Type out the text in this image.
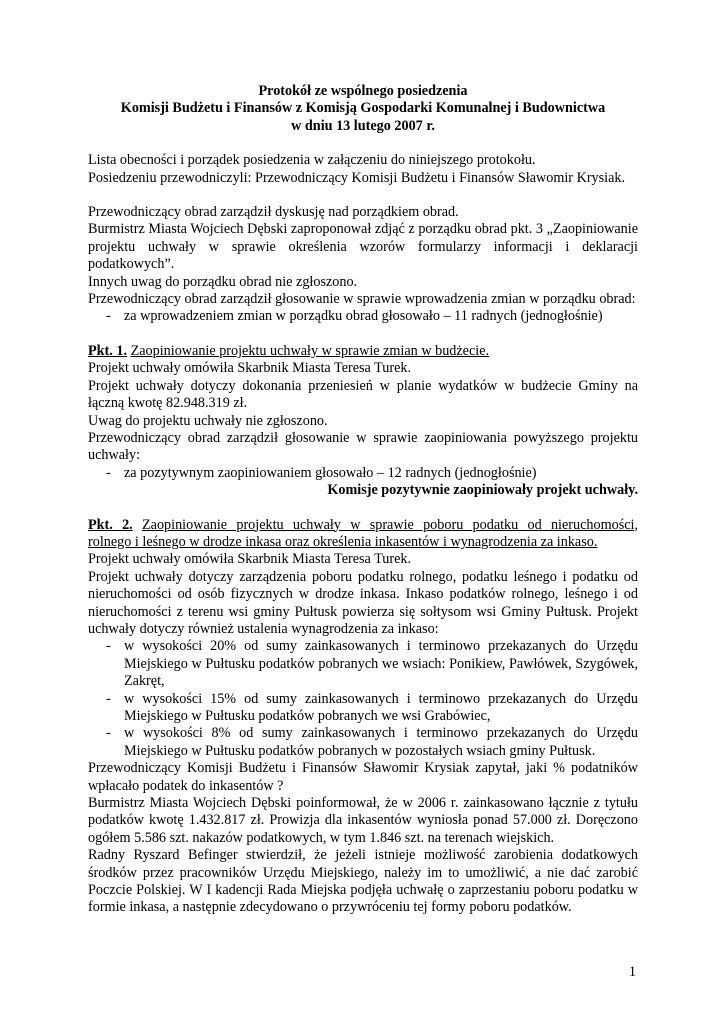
Protokół ze wspólnego posiedzenia
Komisji Budżetu i Finansów z Komisją Gospodarki Komunalnej i Budownictwa
w dniu 13 lutego 2007 r.

Lista obecności i porządek posiedzenia w załączeniu do niniejszego protokołu.

Posiedzeniu przewodniczyli: Przewodniczący Komisji Budżetu i Finansów Sławomir Krysiak.

Przewodniczący obrad zarządził dyskusję nad porządkiem obrad.

Burmistrz Miasta Wojciech Dębski zaproponował zdjąć z porządku obrad pkt. 3 „Zaopiniowanie projektu uchwały w sprawie określenia wzorów formularzy informacji i deklaracji podatkowych”.

Innych uwag do porządku obrad nie zgłoszono.

Przewodniczący obrad zarządził głosowanie w sprawie wprowadzenia zmian w porządku obrad:

- za wprowadzeniem zmian w porządku obrad głosowało – 11 radnych (jednogłośnie)

Pkt. 1. Zaopiniowanie projektu uchwały w sprawie zmian w budżecie.

Projekt uchwały omówiła Skarbnik Miasta Teresa Turek.

Projekt uchwały dotyczy dokonania przeniesień w planie wydatków w budżecie Gminy na łączną kwotę 82.948.319 zł.

Uwag do projektu uchwały nie zgłoszono.

Przewodniczący obrad zarządził głosowanie w sprawie zaopiniowania powyższego projektu uchwały:

- za pozytywnym zaopiniowaniem głosowało – 12 radnych (jednogłośnie)
Komisje pozytywnie zaopiniowały projekt uchwały.
Pkt. 2. Zaopiniowanie projektu uchwały w sprawie poboru podatku od nieruchomości,
rolnego i leśnego w drodze inkasa oraz określenia inkasentów i wynagrodzenia za inkaso.

Projekt uchwały omówiła Skarbnik Miasta Teresa Turek.

Projekt uchwały dotyczy zarządzenia poboru podatku rolnego, podatku leśnego i podatku od nieruchomości od osób fizycznych w drodze inkasa. Inkaso podatków rolnego, leśnego i od nieruchomości z terenu wsi gminy Pułtusk powierza się sołtysom wsi Gminy Pułtusk. Projekt uchwały dotyczy również ustalenia wynagrodzenia za inkaso:

- w wysokości 20% od sumy zainkasowanych i terminowo przekazanych do Urzędu Miejskiego w Pułtusku podatków pobranych we wsiach: Ponikiew, Pawłówek, Szygówek, Zakręt,
- w wysokości 15% od sumy zainkasowanych i terminowo przekazanych do Urzędu Miejskiego w Pułtusku podatków pobranych we wsi Grabówiec,
- w wysokości 8% od sumy zainkasowanych i terminowo przekazanych do Urzędu Miejskiego w Pułtusku podatków pobranych w pozostałych wsiach gminy Pułtusk.

Przewodniczący Komisji Budżetu i Finansów Sławomir Krysiak zapytał, jaki % podatników wpłacało podatek do inkasentów ?

Burmistrz Miasta Wojciech Dębski poinformował, że w 2006 r. zainkasowano łącznie z tytułu podatków kwotę 1.432.817 zł. Prowizja dla inkasentów wyniosła ponad 57.000 zł. Doręczono ogółem 5.586 szt. nakazów podatkowych, w tym 1.846 szt. na terenach wiejskich.

Radny Ryszard Befinger stwierdził, że jeżeli istnieje możliwość zarobienia dodatkowych środków przez pracowników Urzędu Miejskiego, należy im to umożliwić, a nie dać zarobić Poczcie Polskiej. W I kadencji Rada Miejska podjęła uchwałę o zaprzestaniu poboru podatku w formie inkasa, a następnie zdecydowano o przywróceniu tej formy poboru podatków.

1
